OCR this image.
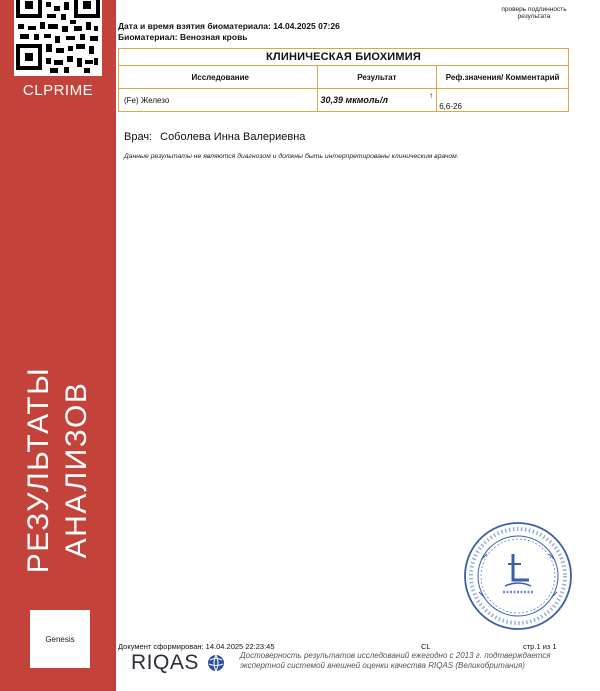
CLPRIME
РЕЗУЛЬТАТЫ АНАЛИЗОВ
Genesis
проверь подлинность результата
Дата и время взятия биоматериала: 14.04.2025 07:26
Биоматериал: Венозная кровь
КЛИНИЧЕСКАЯ БИОХИМИЯ		
Исследование	Результат	Реф.значения/ Комментарий
(Fe) Железо	30,39 мкмоль/л ↑	6,6-26
Врач: Соболева Инна Валериевна
Данные результаты не являются диагнозом и должны быть интерпретированы клиническим врачом.
Документ сформирован: 14.04.2025 22:23:45	CL	стр.1 из 1
RIQAS	Достоверность результатов исследований ежегодно с 2013 г. подтверждается экспертной системой внешней оценки качества RIQAS (Великобритания)
